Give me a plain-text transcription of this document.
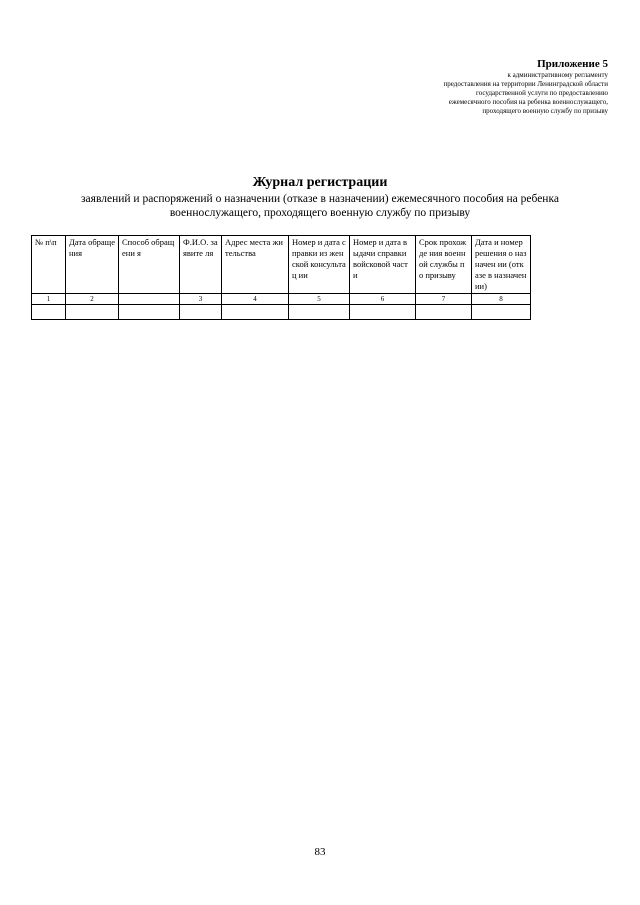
Приложение 5
к административному регламенту
предоставления на территории Ленинградской области
государственной услуги по предоставлению
ежемесячного пособия на ребенка военнослужащего,
проходящего военную службу по призыву
Журнал регистрации
заявлений и распоряжений о назначении (отказе в назначении) ежемесячного пособия на ребенка
военнослужащего, проходящего военную службу по призыву
№ п\п	Дата обраще ния	Способ обращени я	Ф.И.О. заявите ля	Адрес места жительства	Номер и дата справки из женской консультац ии	Номер и дата выдачи справки войсковой части	Срок прохожде ния военной службы по призыву	Дата и номер решения о назначен ии (отказе в назначен ии)
1	2		3	4	5	6	7	8

83
